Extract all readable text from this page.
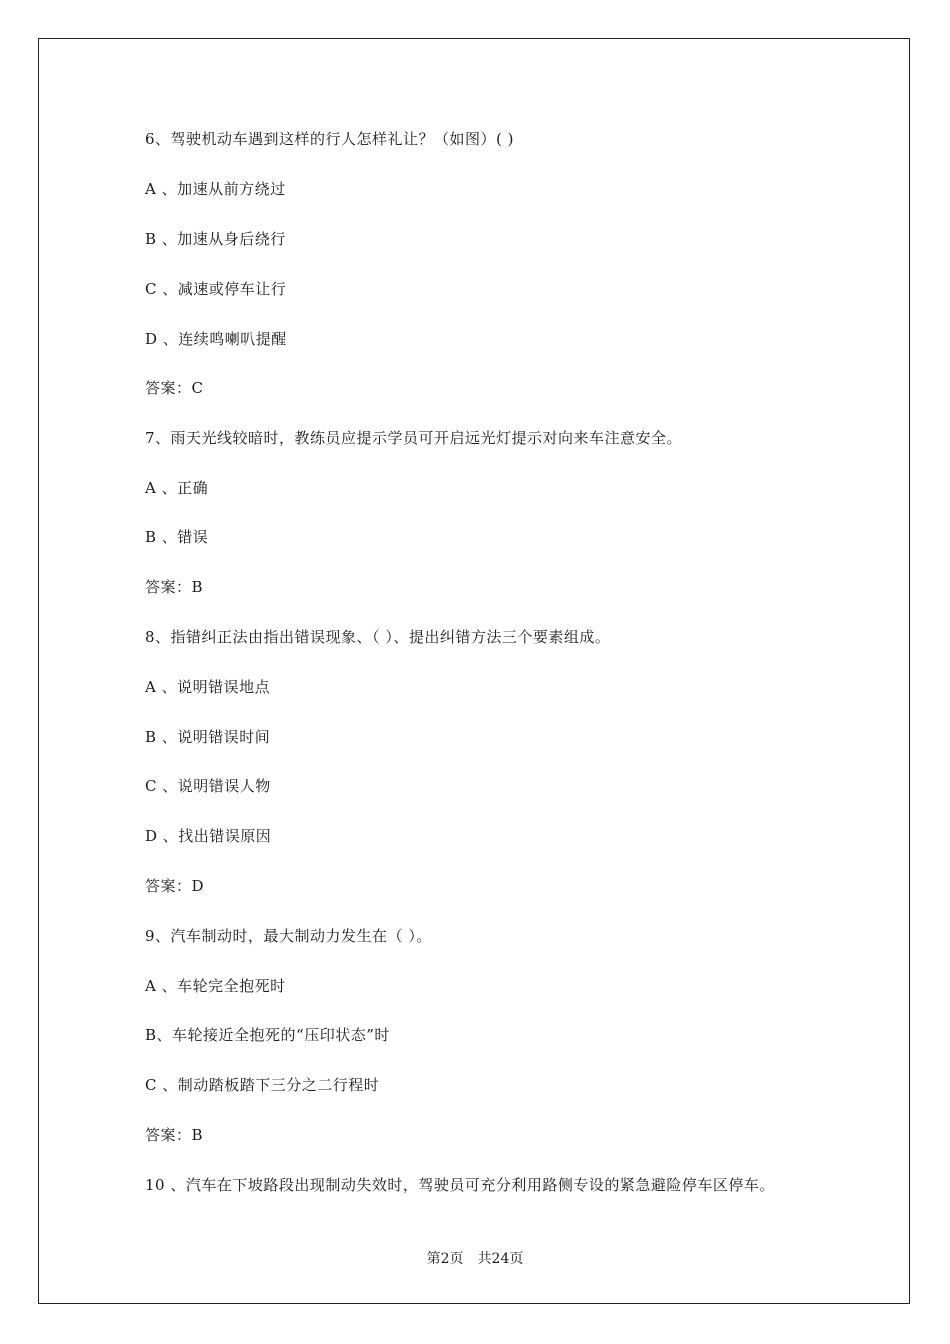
6、驾驶机动车遇到这样的行人怎样礼让？（如图）( )
A 、加速从前方绕过
B 、加速从身后绕行
C 、减速或停车让行
D 、连续鸣喇叭提醒
答案：C
7、雨天光线较暗时，教练员应提示学员可开启远光灯提示对向来车注意安全。
A 、正确
B 、错误
答案：B
8、指错纠正法由指出错误现象、（ ）、提出纠错方法三个要素组成。
A 、说明错误地点
B 、说明错误时间
C 、说明错误人物
D 、找出错误原因
答案：D
9、汽车制动时，最大制动力发生在（ ）。
A 、车轮完全抱死时
B、车轮接近全抱死的“压印状态”时
C 、制动踏板踏下三分之二行程时
答案：B
10 、汽车在下坡路段出现制动失效时，驾驶员可充分利用路侧专设的紧急避险停车区停车。
第2页 共24页
